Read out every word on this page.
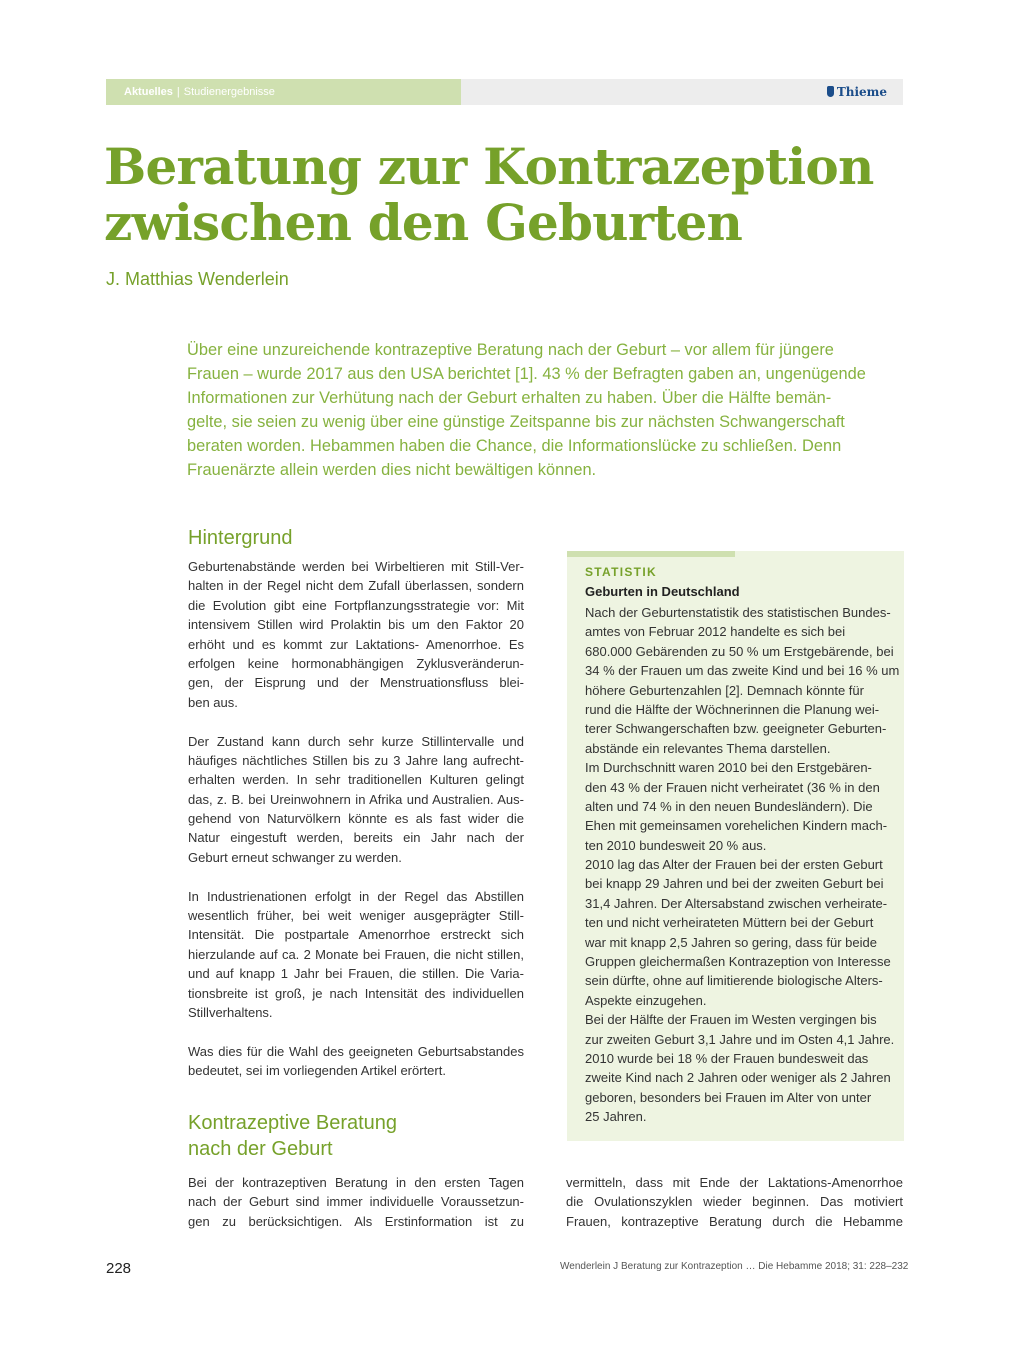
Aktuelles | Studienergebnisse	Thieme
Beratung zur Kontrazeption
zwischen den Geburten
J. Matthias Wenderlein
Über eine unzureichende kontrazeptive Beratung nach der Geburt – vor allem für jüngere
Frauen – wurde 2017 aus den USA berichtet [1]. 43 % der Befragten gaben an, ungenügende
Informationen zur Verhütung nach der Geburt erhalten zu haben. Über die Hälfte bemän-
gelte, sie seien zu wenig über eine günstige Zeitspanne bis zur nächsten Schwangerschaft
beraten worden. Hebammen haben die Chance, die Informationslücke zu schließen. Denn
Frauenärzte allein werden dies nicht bewältigen können.
Hintergrund
Geburtenabstände werden bei Wirbeltieren mit Still-Ver-
halten in der Regel nicht dem Zufall überlassen, sondern
die Evolution gibt eine Fortpflanzungsstrategie vor: Mit
intensivem Stillen wird Prolaktin bis um den Faktor 20
erhöht und es kommt zur Laktations- Amenorrhoe. Es
erfolgen keine hormonabhängigen Zyklusveränderun-
gen, der Eisprung und der Menstruationsfluss blei-
ben aus.
Der Zustand kann durch sehr kurze Stillintervalle und
häufiges nächtliches Stillen bis zu 3 Jahre lang aufrecht-
erhalten werden. In sehr traditionellen Kulturen gelingt
das, z. B. bei Ureinwohnern in Afrika und Australien. Aus-
gehend von Naturvölkern könnte es als fast wider die
Natur eingestuft werden, bereits ein Jahr nach der
Geburt erneut schwanger zu werden.
In Industrienationen erfolgt in der Regel das Abstillen
wesentlich früher, bei weit weniger ausgeprägter Still-
Intensität. Die postpartale Amenorrhoe erstreckt sich
hierzulande auf ca. 2 Monate bei Frauen, die nicht stillen,
und auf knapp 1 Jahr bei Frauen, die stillen. Die Varia-
tionsbreite ist groß, je nach Intensität des individuellen
Stillverhaltens.
Was dies für die Wahl des geeigneten Geburtsabstandes
bedeutet, sei im vorliegenden Artikel erörtert.
Kontrazeptive Beratung
nach der Geburt
Bei der kontrazeptiven Beratung in den ersten Tagen
nach der Geburt sind immer individuelle Voraussetzun-
gen zu berücksichtigen. Als Erstinformation ist zu
vermitteln, dass mit Ende der Laktations-Amenorrhoe
die Ovulationszyklen wieder beginnen. Das motiviert
Frauen, kontrazeptive Beratung durch die Hebamme
STATISTIK
Geburten in Deutschland
Nach der Geburtenstatistik des statistischen Bundes-
amtes von Februar 2012 handelte es sich bei
680.000 Gebärenden zu 50 % um Erstgebärende, bei
34 % der Frauen um das zweite Kind und bei 16 % um
höhere Geburtenzahlen [2]. Demnach könnte für
rund die Hälfte der Wöchnerinnen die Planung wei-
terer Schwangerschaften bzw. geeigneter Geburten-
abstände ein relevantes Thema darstellen.
Im Durchschnitt waren 2010 bei den Erstgebären-
den 43 % der Frauen nicht verheiratet (36 % in den
alten und 74 % in den neuen Bundesländern). Die
Ehen mit gemeinsamen vorehelichen Kindern mach-
ten 2010 bundesweit 20 % aus.
2010 lag das Alter der Frauen bei der ersten Geburt
bei knapp 29 Jahren und bei der zweiten Geburt bei
31,4 Jahren. Der Altersabstand zwischen verheirate-
ten und nicht verheirateten Müttern bei der Geburt
war mit knapp 2,5 Jahren so gering, dass für beide
Gruppen gleichermaßen Kontrazeption von Interesse
sein dürfte, ohne auf limitierende biologische Alters-
Aspekte einzugehen.
Bei der Hälfte der Frauen im Westen vergingen bis
zur zweiten Geburt 3,1 Jahre und im Osten 4,1 Jahre.
2010 wurde bei 18 % der Frauen bundesweit das
zweite Kind nach 2 Jahren oder weniger als 2 Jahren
geboren, besonders bei Frauen im Alter von unter
25 Jahren.
228	Wenderlein J Beratung zur Kontrazeption … Die Hebamme 2018; 31: 228–232
